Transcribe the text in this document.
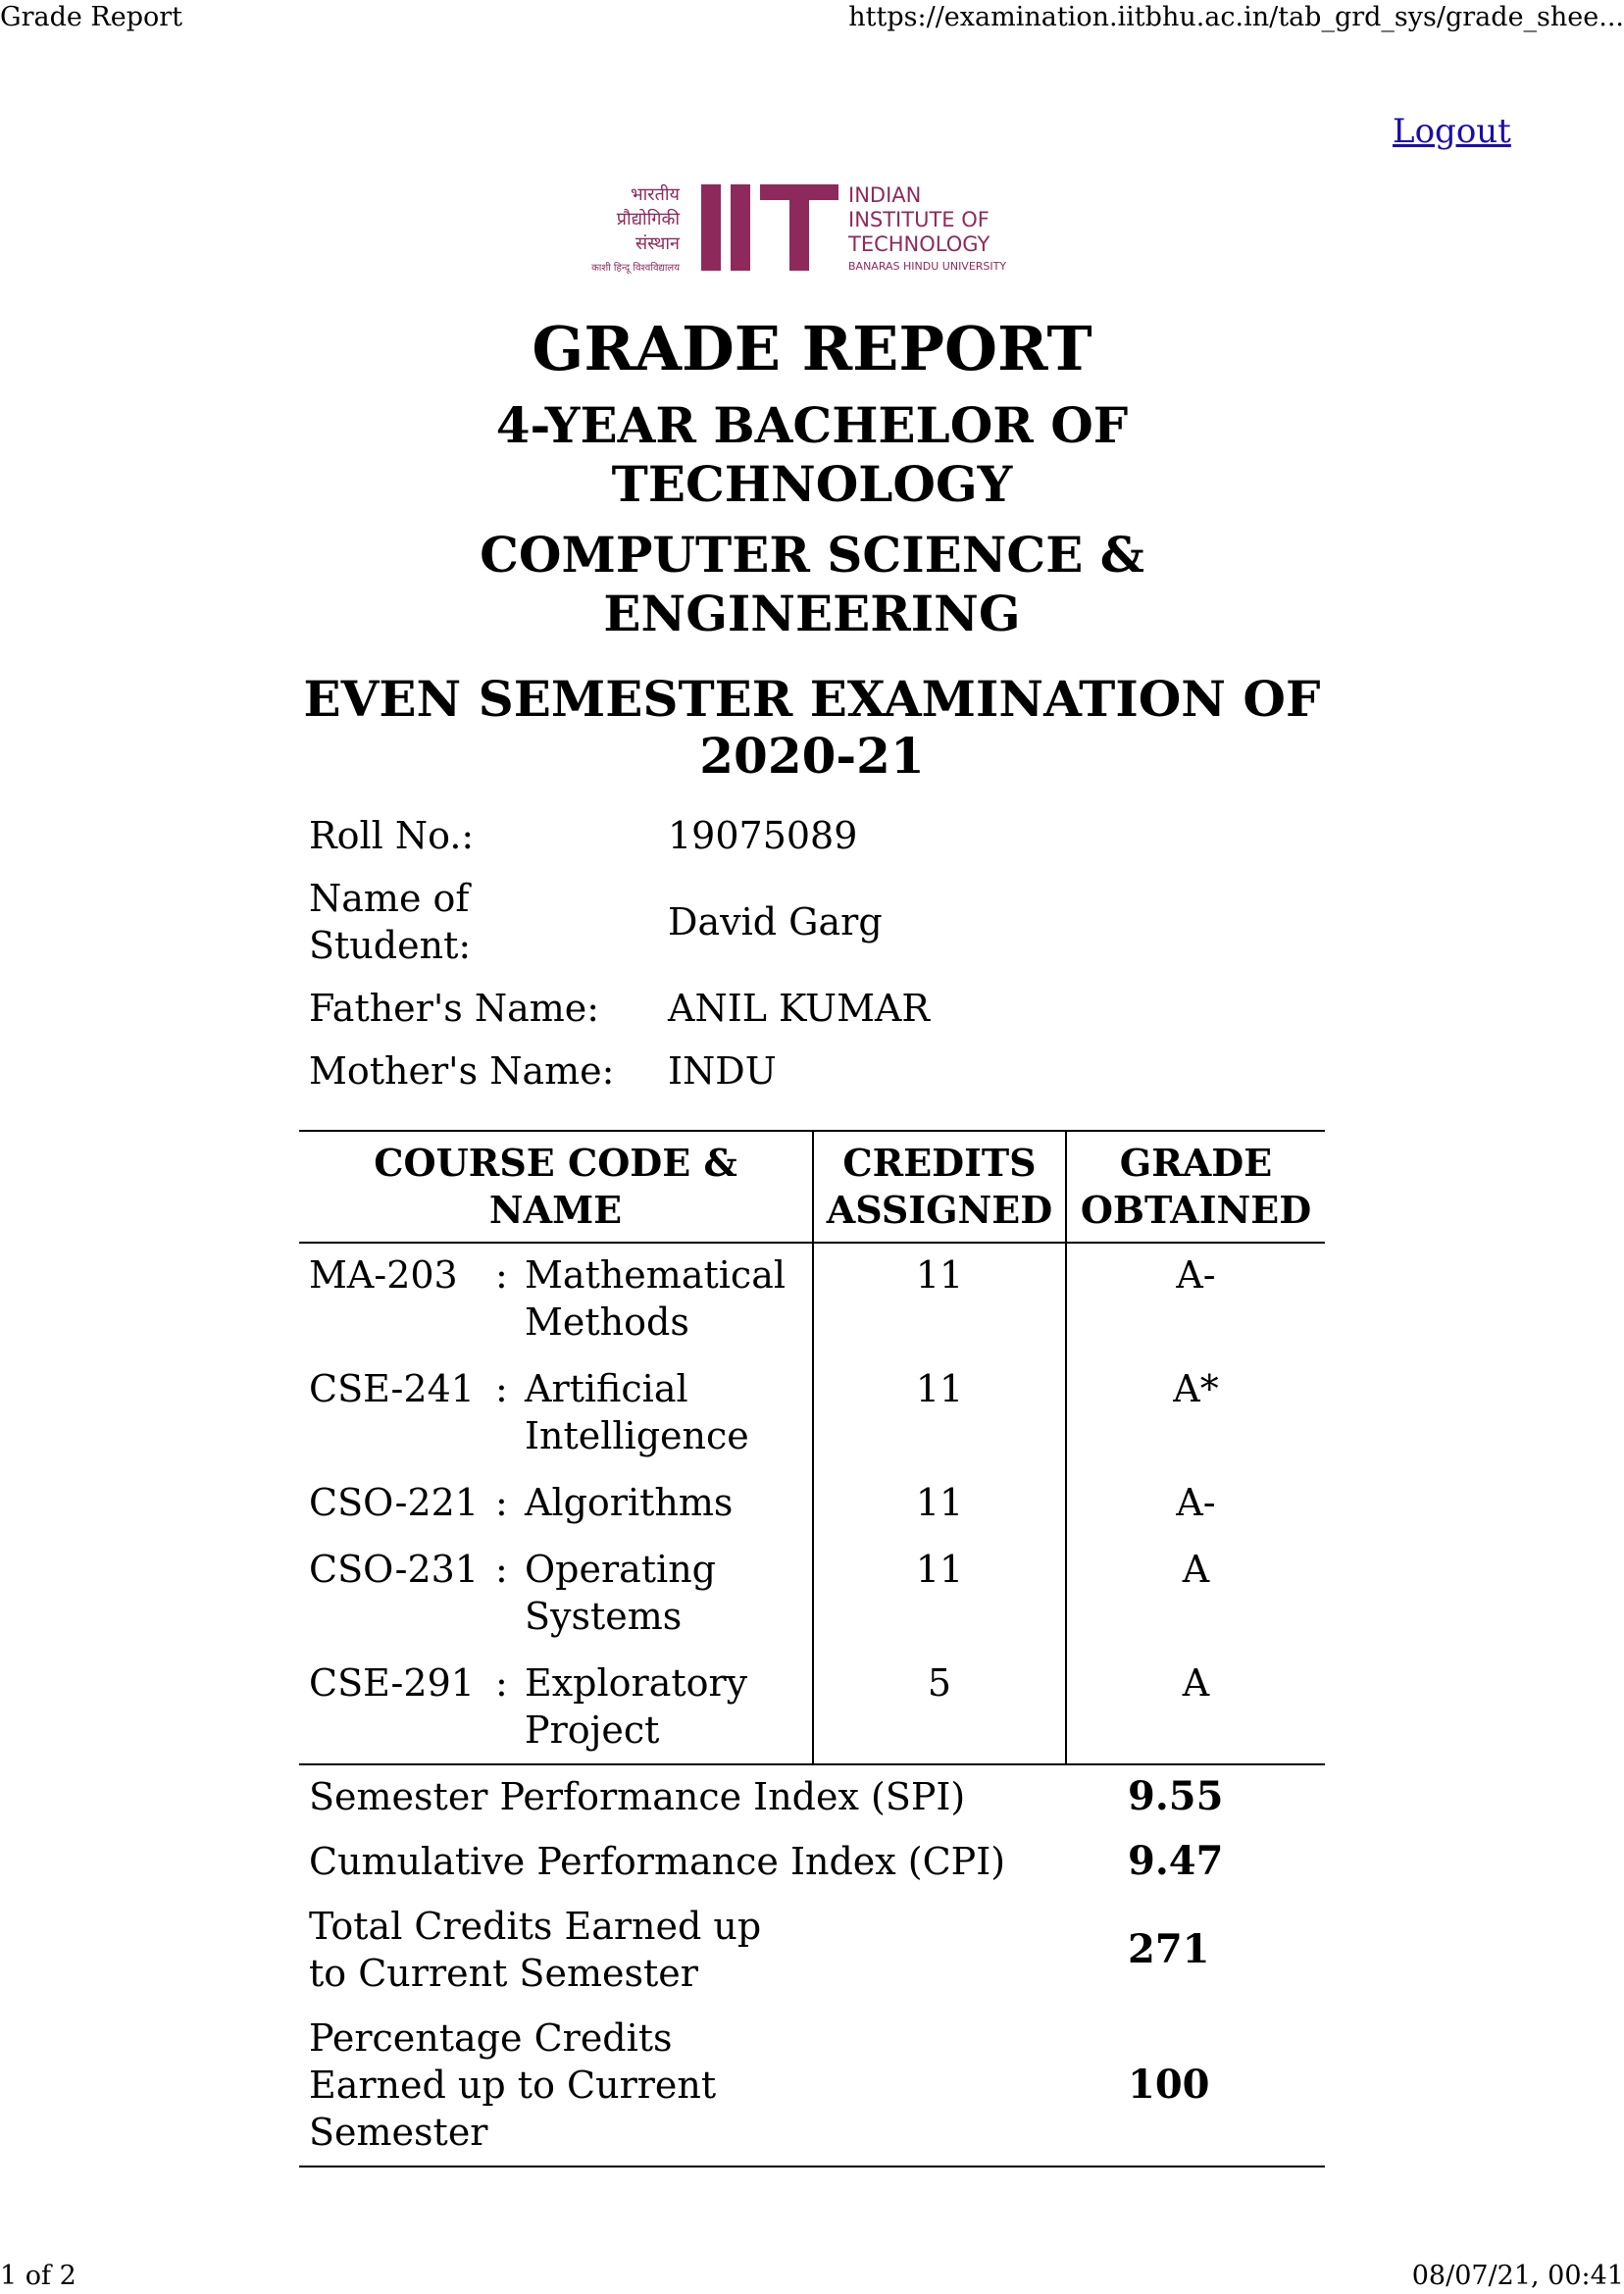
Grade Report	https://examination.iitbhu.ac.in/tab_grd_sys/grade_shee...
Logout
भारतीय
प्रौद्योगिकी
संस्थान
काशी हिन्दू विश्वविद्यालय
INDIAN
INSTITUTE OF
TECHNOLOGY
BANARAS HINDU UNIVERSITY
GRADE REPORT
4-YEAR BACHELOR OF TECHNOLOGY
COMPUTER SCIENCE & ENGINEERING
EVEN SEMESTER EXAMINATION OF 2020-21
Roll No.:	19075089
Name of Student:	David Garg
Father's Name:	ANIL KUMAR
Mother's Name:	INDU
COURSE CODE & NAME	CREDITS ASSIGNED	GRADE OBTAINED

MA-203 : Mathematical Methods	11	A-

CSE-241 : Artificial Intelligence	11	A*

CSO-221 : Algorithms	11	A-

CSO-231 : Operating Systems	11	A

CSE-291 : Exploratory Project	5	A
Semester Performance Index (SPI)	9.55
Cumulative Performance Index (CPI)	9.47
Total Credits Earned up to Current Semester	271
Percentage Credits Earned up to Current Semester	100
1 of 2	08/07/21, 00:41
